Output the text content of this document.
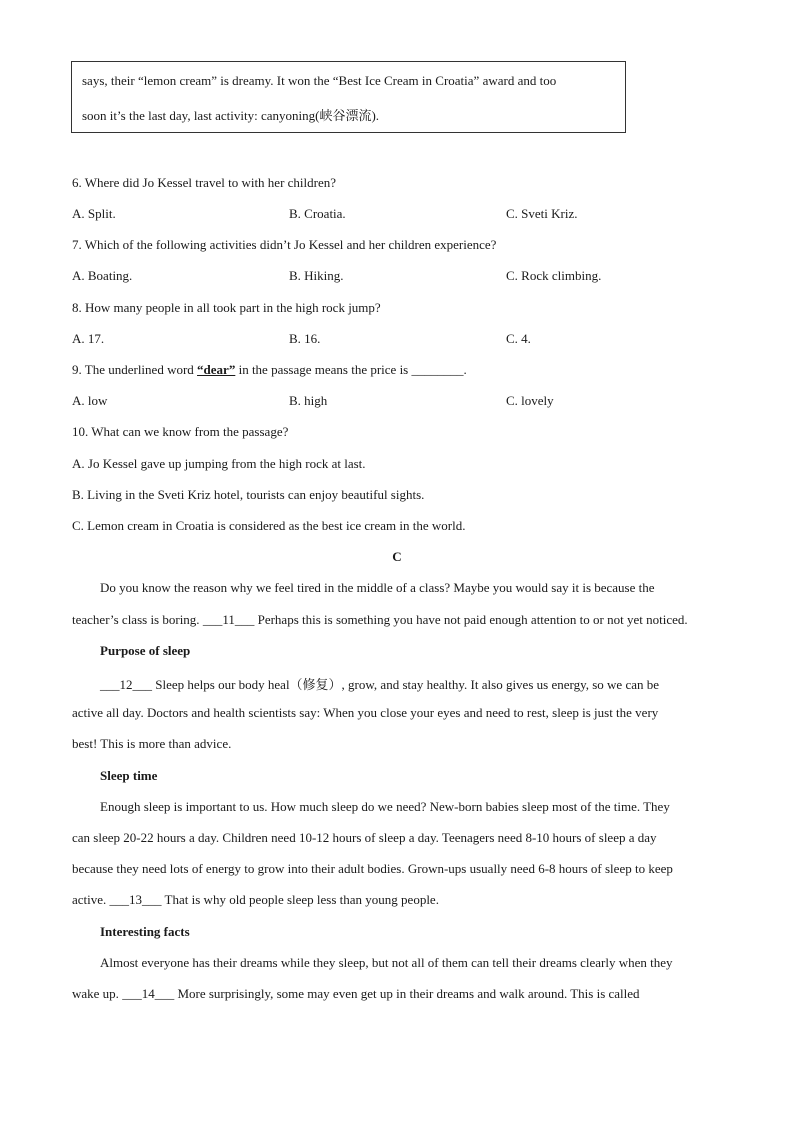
says, their “lemon cream” is dreamy. It won the “Best Ice Cream in Croatia” award and too
soon it’s the last day, last activity: canyoning(峡谷漂流).
6. Where did Jo Kessel travel to with her children?
A. Split.	B. Croatia.	C. Sveti Kriz.
7. Which of the following activities didn’t Jo Kessel and her children experience?
A. Boating.	B. Hiking.	C. Rock climbing.
8. How many people in all took part in the high rock jump?
A. 17.	B. 16.	C. 4.
9. The underlined word “dear” in the passage means the price is ________.
A. low	B. high	C. lovely
10. What can we know from the passage?
A. Jo Kessel gave up jumping from the high rock at last.
B. Living in the Sveti Kriz hotel, tourists can enjoy beautiful sights.
C. Lemon cream in Croatia is considered as the best ice cream in the world.
C
Do you know the reason why we feel tired in the middle of a class? Maybe you would say it is because the
teacher’s class is boring. ___11___ Perhaps this is something you have not paid enough attention to or not yet noticed.
Purpose of sleep
___12___ Sleep helps our body heal（修复）, grow, and stay healthy. It also gives us energy, so we can be
active all day. Doctors and health scientists say: When you close your eyes and need to rest, sleep is just the very
best! This is more than advice.
Sleep time
Enough sleep is important to us. How much sleep do we need? New-born babies sleep most of the time. They
can sleep 20-22 hours a day. Children need 10-12 hours of sleep a day. Teenagers need 8-10 hours of sleep a day
because they need lots of energy to grow into their adult bodies. Grown-ups usually need 6-8 hours of sleep to keep
active. ___13___ That is why old people sleep less than young people.
Interesting facts
Almost everyone has their dreams while they sleep, but not all of them can tell their dreams clearly when they
wake up. ___14___ More surprisingly, some may even get up in their dreams and walk around. This is called
